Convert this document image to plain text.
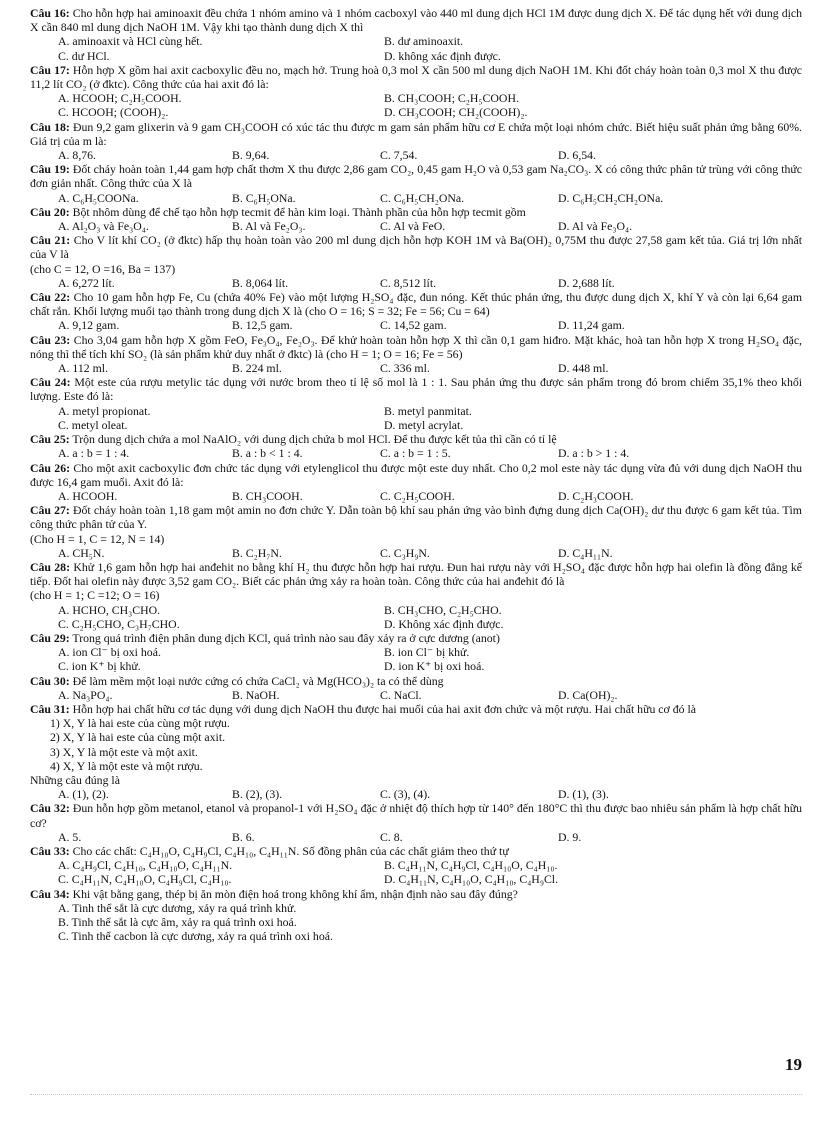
Câu 16: Cho hỗn hợp hai aminoaxit đều chứa 1 nhóm amino và 1 nhóm cacboxyl vào 440 ml dung dịch HCl 1M được dung dịch X. Để tác dụng hết với dung dịch X cần 840 ml dung dịch NaOH 1M. Vậy khi tạo thành dung dịch X thì
A. aminoaxit và HCl cùng hết.	B. dư aminoaxit.
C. dư HCl.	D. không xác định được.
Câu 17: Hỗn hợp X gồm hai axit cacboxylic đều no, mạch hở. Trung hoà 0,3 mol X cần 500 ml dung dịch NaOH 1M. Khi đốt cháy hoàn toàn 0,3 mol X thu được 11,2 lít CO₂ (ở đktc). Công thức của hai axit đó là:
A. HCOOH; C₂H₅COOH.	B. CH₃COOH; C₂H₅COOH.
C. HCOOH; (COOH)₂.	D. CH₃COOH; CH₂(COOH)₂.
Câu 18: Đun 9,2 gam glixerin và 9 gam CH₃COOH có xúc tác thu được m gam sản phẩm hữu cơ E chứa một loại nhóm chức. Biết hiệu suất phản ứng bằng 60%. Giá trị của m là:
A. 8,76.	B. 9,64.	C. 7,54.	D. 6,54.
Câu 19: Đốt cháy hoàn toàn 1,44 gam hợp chất thơm X thu được 2,86 gam CO₂, 0,45 gam H₂O và 0,53 gam Na₂CO₃. X có công thức phân tử trùng với công thức đơn giản nhất. Công thức của X là
A. C₆H₅COONa.	B. C₆H₅ONa.	C. C₆H₅CH₂ONa.	D. C₆H₅CH₂CH₂ONa.
Câu 20: Bột nhôm dùng để chế tạo hỗn hợp tecmit để hàn kim loại. Thành phần của hỗn hợp tecmit gồm
A. Al₂O₃ và Fe₃O₄.	B. Al và Fe₂O₃.	C. Al và FeO.	D. Al và Fe₃O₄.
Câu 21: Cho V lít khí CO₂ (ở đktc) hấp thụ hoàn toàn vào 200 ml dung dịch hỗn hợp KOH 1M và Ba(OH)₂ 0,75M thu được 27,58 gam kết tủa. Giá trị lớn nhất của V là
(cho C = 12, O =16, Ba = 137)
A. 6,272 lít.	B. 8,064 lít.	C. 8,512 lít.	D. 2,688 lít.
Câu 22: Cho 10 gam hỗn hợp Fe, Cu (chứa 40% Fe) vào một lượng H₂SO₄ đặc, đun nóng. Kết thúc phản ứng, thu được dung dịch X, khí Y và còn lại 6,64 gam chất rắn. Khối lượng muối tạo thành trong dung dịch X là (cho O = 16; S = 32; Fe = 56; Cu = 64)
A. 9,12 gam.	B. 12,5 gam.	C. 14,52 gam.	D. 11,24 gam.
Câu 23: Cho 3,04 gam hỗn hợp X gồm FeO, Fe₃O₄, Fe₂O₃. Để khử hoàn toàn hỗn hợp X thì cần 0,1 gam hiđro. Mặt khác, hoà tan hỗn hợp X trong H₂SO₄ đặc, nóng thì thể tích khí SO₂ (là sản phẩm khử duy nhất ở đktc) là (cho H = 1; O = 16; Fe = 56)
A. 112 ml.	B. 224 ml.	C. 336 ml.	D. 448 ml.
Câu 24: Một este của rượu metylic tác dụng với nước brom theo tỉ lệ số mol là 1 : 1. Sau phản ứng thu được sản phẩm trong đó brom chiếm 35,1% theo khối lượng. Este đó là:
A. metyl propionat.	B. metyl panmitat.
C. metyl oleat.	D. metyl acrylat.
Câu 25: Trộn dung dịch chứa a mol NaAlO₂ với dung dịch chứa b mol HCl. Để thu được kết tủa thì cần có tỉ lệ
A. a : b = 1 : 4.	B. a : b < 1 : 4.	C. a : b = 1 : 5.	D. a : b > 1 : 4.
Câu 26: Cho một axit cacboxylic đơn chức tác dụng với etylenglicol thu được một este duy nhất. Cho 0,2 mol este này tác dụng vừa đủ với dung dịch NaOH thu được 16,4 gam muối. Axit đó là:
A. HCOOH.	B. CH₃COOH.	C. C₂H₅COOH.	D. C₂H₃COOH.
Câu 27: Đốt cháy hoàn toàn 1,18 gam một amin no đơn chức Y. Dẫn toàn bộ khí sau phản ứng vào bình đựng dung dịch Ca(OH)₂ dư thu được 6 gam kết tủa. Tìm công thức phân tử của Y.
(Cho H = 1, C = 12, N = 14)
A. CH₅N.	B. C₂H₇N.	C. C₃H₉N.	D. C₄H₁₁N.
Câu 28: Khử 1,6 gam hỗn hợp hai anđehit no bằng khí H₂ thu được hỗn hợp hai rượu. Đun hai rượu này với H₂SO₄ đặc được hỗn hợp hai olefin là đồng đẳng kế tiếp. Đốt hai olefin này được 3,52 gam CO₂. Biết các phản ứng xảy ra hoàn toàn. Công thức của hai anđehit đó là
(cho H = 1; C =12; O = 16)
A. HCHO, CH₃CHO.	B. CH₃CHO, C₂H₅CHO.
C. C₂H₅CHO, C₃H₇CHO.	D. Không xác định được.
Câu 29: Trong quá trình điện phân dung dịch KCl, quá trình nào sau đây xảy ra ở cực dương (anot)
A. ion Cl⁻ bị oxi hoá.	B. ion Cl⁻ bị khử.
C. ion K⁺ bị khử.	D. ion K⁺ bị oxi hoá.
Câu 30: Để làm mềm một loại nước cứng có chứa CaCl₂ và Mg(HCO₃)₂ ta có thể dùng
A. Na₃PO₄.	B. NaOH.	C. NaCl.	D. Ca(OH)₂.
Câu 31: Hỗn hợp hai chất hữu cơ tác dụng với dung dịch NaOH thu được hai muối của hai axit đơn chức và một rượu. Hai chất hữu cơ đó là
1) X, Y là hai este của cùng một rượu.
2) X, Y là hai este của cùng một axit.
3) X, Y là một este và một axit.
4) X, Y là một este và một rượu.
Những câu đúng là
A. (1), (2).	B. (2), (3).	C. (3), (4).	D. (1), (3).
Câu 32: Đun hỗn hợp gồm metanol, etanol và propanol-1 với H₂SO₄ đặc ở nhiệt độ thích hợp từ 140° đến 180°C thì thu được bao nhiêu sản phẩm là hợp chất hữu cơ?
A. 5.	B. 6.	C. 8.	D. 9.
Câu 33: Cho các chất: C₄H₁₀O, C₄H₉Cl, C₄H₁₀, C₄H₁₁N. Số đồng phân của các chất giảm theo thứ tự
A. C₄H₉Cl, C₄H₁₀, C₄H₁₀O, C₄H₁₁N.	B. C₄H₁₁N, C₄H₉Cl, C₄H₁₀O, C₄H₁₀.
C. C₄H₁₁N, C₄H₁₀O, C₄H₉Cl, C₄H₁₀.	D. C₄H₁₁N, C₄H₁₀O, C₄H₁₀, C₄H₉Cl.
Câu 34: Khi vật bằng gang, thép bị ăn mòn điện hoá trong không khí ẩm, nhận định nào sau đây đúng?
A. Tinh thể sắt là cực dương, xảy ra quá trình khử.
B. Tinh thể sắt là cực âm, xảy ra quá trình oxi hoá.
C. Tinh thể cacbon là cực dương, xảy ra quá trình oxi hoá.
19
